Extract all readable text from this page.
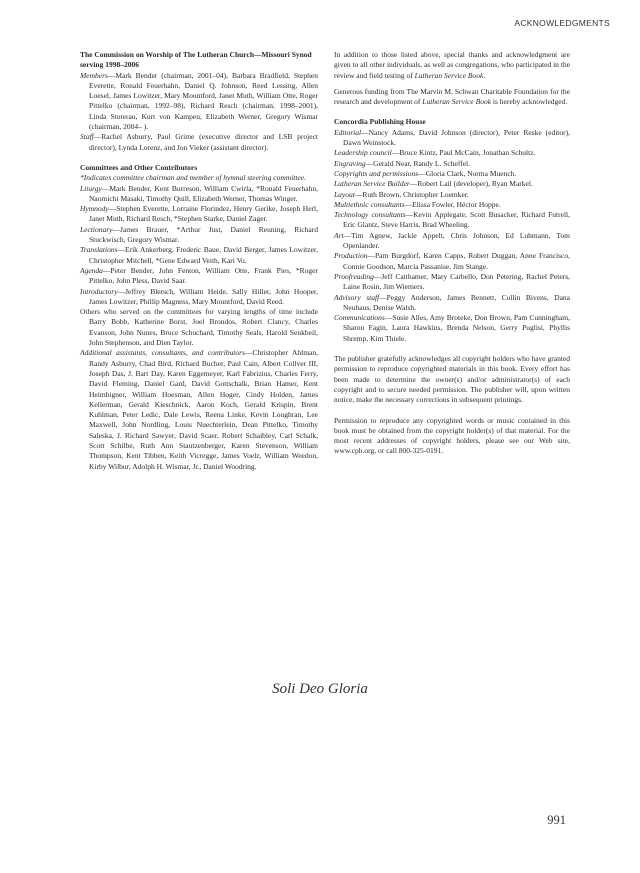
ACKNOWLEDGMENTS

The Commission on Worship of The Lutheran Church—Missouri Synod serving 1998–2006

Members—Mark Bender (chairman, 2001–04), Barbara Bradfield, Stephen Everette, Ronald Feuerhahn, Daniel Q. Johnson, Reed Lessing, Allen Loesel, James Lowitzer, Mary Mountford, Janet Muth, William Otte, Roger Pittelko (chairman, 1992–98), Richard Resch (chairman, 1998–2001), Linda Stoterau, Kurt von Kampen, Elizabeth Werner, Gregory Wismar (chairman, 2004– ).

Staff—Rachel Asburry, Paul Grime (executive director and LSB project director), Lynda Lorenz, and Jon Vieker (assistant director).

Committees and Other Contributors

*Indicates committee chairman and member of hymnal steering committee.

Liturgy—Mark Bender, Kent Burreson, William Cwirla, *Ronald Feuerhahn, Naomichi Masaki, Timothy Quill, Elizabeth Werner, Thomas Winger.

Hymnody—Stephen Everette, Lorraine Florindez, Henry Gerike, Joseph Herl, Janet Muth, Richard Resch, *Stephen Starke, Daniel Zager.

Lectionary—James Brauer, *Arthur Just, Daniel Reuning, Richard Stuckwisch, Gregory Wismar.

Translations—Erik Ankerberg, Frederic Baue, David Berger, James Lowitzer, Christopher Mitchell, *Gene Edward Veith, Kari Vo.

Agenda—Peter Bender, John Fenton, William Otte, Frank Pies, *Roger Pittelko, John Pless, David Saar.

Introductory—Jeffrey Blersch, William Heide, Sally Hiller, John Hooper, James Lowitzer, Phillip Magness, Mary Mountford, David Reed.

Others who served on the committees for varying lengths of time include Barry Bobb, Katherine Borst, Joel Brondos, Robert Clancy, Charles Evanson, John Nunes, Bruce Schuchard, Timothy Seals, Harold Senkbeil, John Stephenson, and Dien Taylor.

Additional assistants, consultants, and contributors—Christopher Ahlman, Randy Asburry, Chad Bird, Richard Bucher, Paul Cain, Albert Collver III, Joseph Das, J. Bart Day, Karen Eggemeyer, Karl Fabrizius, Charles Ferry, David Fleming, Daniel Gard, David Gottschalk, Brian Hamer, Kent Heimbigner, William Hoesman, Allen Hoger, Cindy Holden, James Kellerman, Gerald Kieschnick, Aaron Koch, Gerald Krispin, Brent Kuhlman, Peter Ledic, Dale Lewis, Reena Linke, Kevin Loughran, Lee Maxwell, John Nordling, Louis Nuechterlein, Dean Pittelko, Timothy Saleska, J. Richard Sawyer, David Scaer, Robert Schaibley, Carl Schalk, Scott Schilbe, Ruth Ann Stautzenberger, Karen Stevenson, William Thompson, Kent Tibben, Keith Vicregge, James Voelz, William Weedon, Kirby Wilbur, Adolph H. Wismar, Jr., Daniel Woodring.

In addition to those listed above, special thanks and acknowledgment are given to all other individuals, as well as congregations, who participated in the review and field testing of Lutheran Service Book.

Generous funding from The Marvin M. Schwan Charitable Foundation for the research and development of Lutheran Service Book is hereby acknowledged.

Concordia Publishing House

Editorial—Nancy Adams, David Johnson (director), Peter Reske (editor), Dawn Weinstock.

Leadership council—Bruce Kintz, Paul McCain, Jonathan Schultz.

Engraving—Gerald Near, Randy L. Scheffel.

Copyrights and permissions—Gloria Clark, Norma Muench.

Lutheran Service Builder—Robert Lail (developer), Ryan Markel.

Layout—Ruth Brown, Christopher Loemker.

Multiethnic consultants—Elissa Fowler, Héctor Hoppe.

Technology consultants—Kevin Applegate, Scott Busacker, Richard Futrell, Eric Glantz, Steve Harris, Brad Wheeling.

Art—Tim Agnew, Jackie Appelt, Chris Johnson, Ed Luhmann, Tom Openlander.

Production—Pam Burgdorf, Karen Capps, Robert Duggan, Anne Francisco, Connie Goodson, Marcia Passanise, Jim Stange.

Proofreading—Jeff Caithamer, Mary Carbello, Don Petering, Rachel Peters, Laine Rosin, Jim Wiemers.

Advisory staff—Peggy Anderson, James Bennett, Collin Bivens, Dana Neuhaus, Denise Walsh.

Communications—Susie Alles, Amy Broteke, Don Brown, Pam Cunningham, Sharon Fagin, Laura Hawkins, Brenda Nelson, Gerry Puglisi, Phyllis Shremp, Kim Thiele.

The publisher gratefully acknowledges all copyright holders who have granted permission to reproduce copyrighted materials in this book. Every effort has been made to determine the owner(s) and/or administrator(s) of each copyright and to secure needed permission. The publisher will, upon written notice, make the necessary corrections in subsequent printings.

Permission to reproduce any copyrighted words or music contained in this book must be obtained from the copyright holder(s) of that material. For the most recent addresses of copyright holders, please see our Web site, www.cph.org, or call 800-325-0191.

Soli Deo Gloria
991
